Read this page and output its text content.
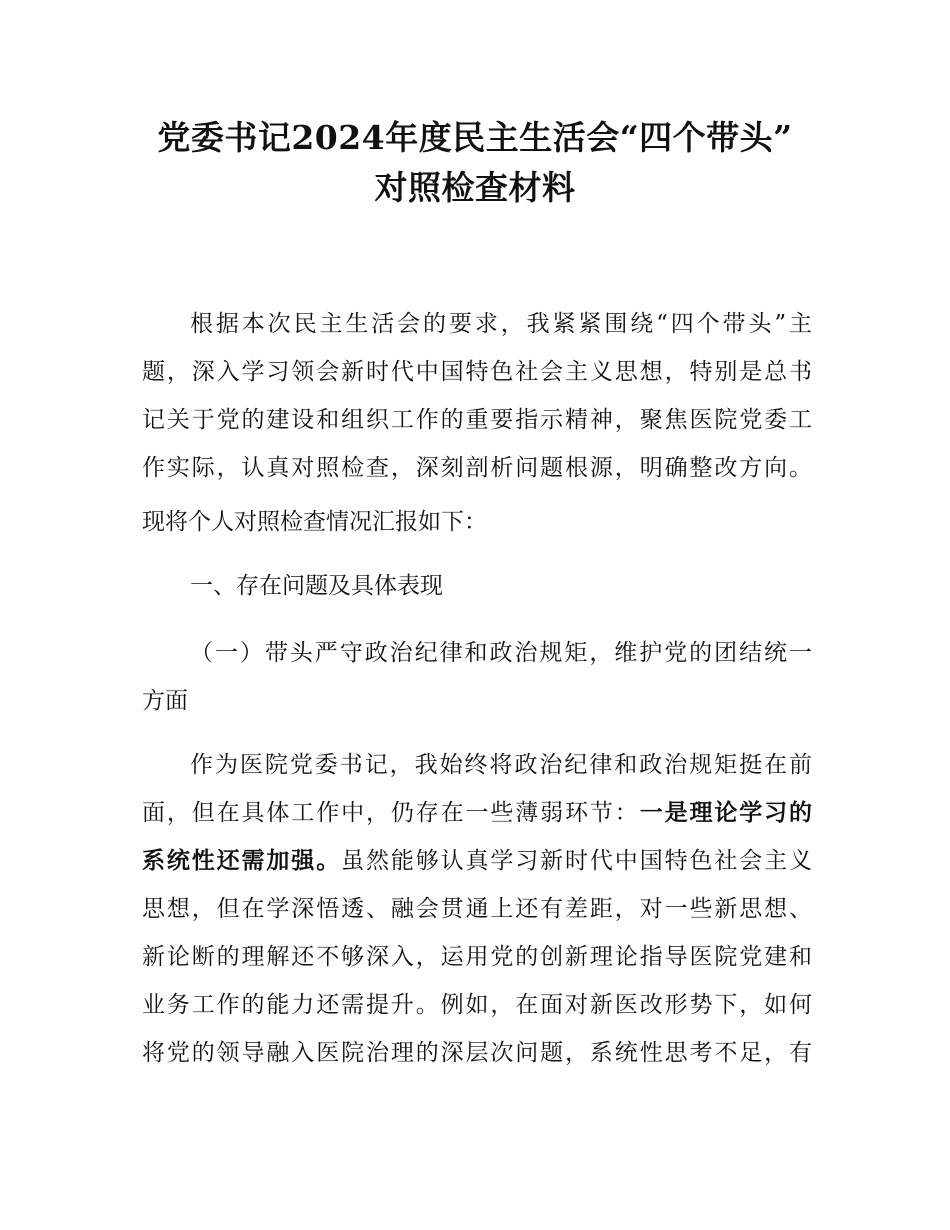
党委书记2024年度民主生活会“四个带头”
对照检查材料
根据本次民主生活会的要求，我紧紧围绕“四个带头”主
题，深入学习领会新时代中国特色社会主义思想，特别是总书
记关于党的建设和组织工作的重要指示精神，聚焦医院党委工
作实际，认真对照检查，深刻剖析问题根源，明确整改方向。
现将个人对照检查情况汇报如下：
一、存在问题及具体表现
（一）带头严守政治纪律和政治规矩，维护党的团结统一
方面
作为医院党委书记，我始终将政治纪律和政治规矩挺在前
面，但在具体工作中，仍存在一些薄弱环节：一是理论学习的
系统性还需加强。虽然能够认真学习新时代中国特色社会主义
思想，但在学深悟透、融会贯通上还有差距，对一些新思想、
新论断的理解还不够深入，运用党的创新理论指导医院党建和
业务工作的能力还需提升。例如，在面对新医改形势下，如何
将党的领导融入医院治理的深层次问题，系统性思考不足，有
